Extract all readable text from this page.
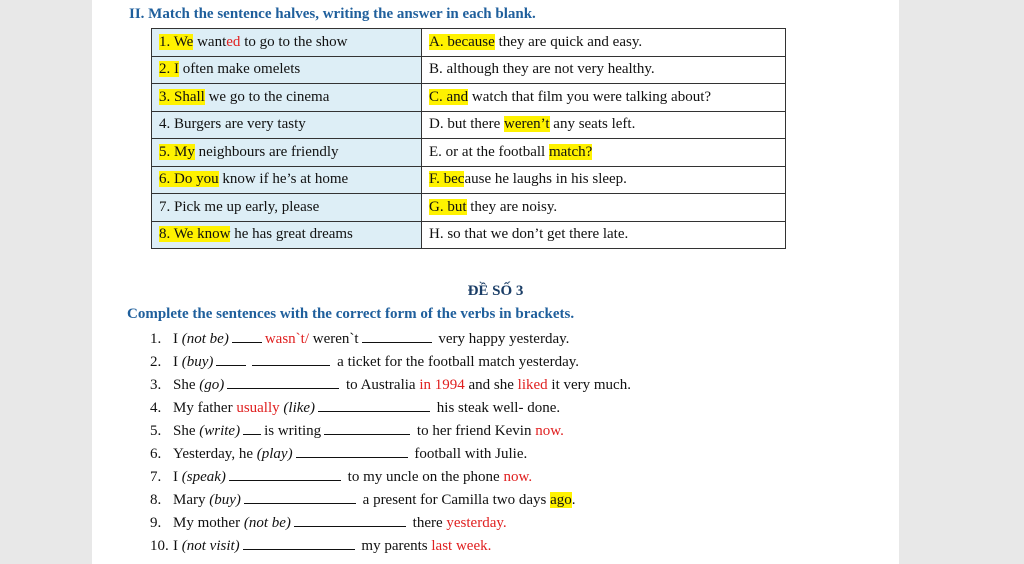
II. Match the sentence halves, writing the answer in each blank.
1. We wanted to go to the show	A. because they are quick and easy.
2. I often make omelets	B. although they are not very healthy.
3. Shall we go to the cinema	C. and watch that film you were talking about?
4. Burgers are very tasty	D. but there weren’t any seats left.
5. My neighbours are friendly	E. or at the football match?
6. Do you know if he’s at home	F. because he laughs in his sleep.
7. Pick me up early, please	G. but they are noisy.
8. We know he has great dreams	H. so that we don’t get there late.
ĐỀ SỐ 3
Complete the sentences with the correct form of the verbs in brackets.
1. I (not be) wasn`t/ weren`t	very happy yesterday.
2. I (buy)	a ticket for the football match yesterday.
3. She (go)	to Australia in 1994 and she liked it very much.
4. My father usually (like)	his steak well- done.
5. She (write) is writing	to her friend Kevin now.
6. Yesterday, he (play)	football with Julie.
7. I (speak)	to my uncle on the phone now.
8. Mary (buy)	a present for Camilla two days ago.
9. My mother (not be)	there yesterday.
10. I (not visit)	my parents last week.
